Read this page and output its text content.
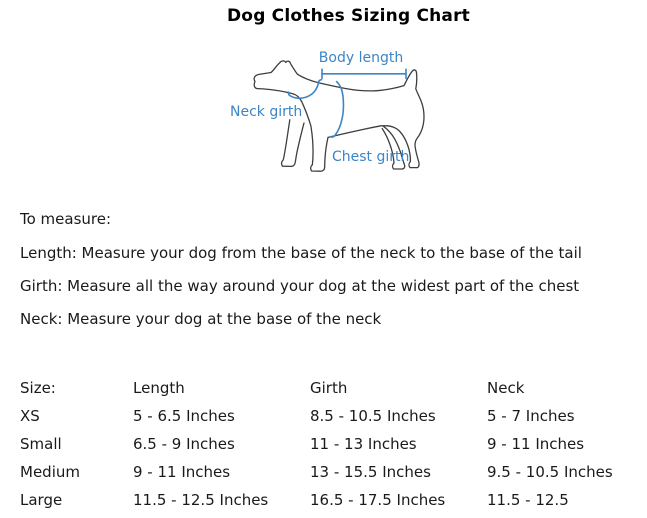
Dog Clothes Sizing Chart
Body length
Neck girth
Chest girth
To measure:
Length: Measure your dog from the base of the neck to the base of the tail
Girth: Measure all the way around your dog at the widest part of the chest
Neck: Measure your dog at the base of the neck
Size:	Length	Girth	Neck
XS	5 - 6.5 Inches	8.5 - 10.5 Inches	5 - 7 Inches
Small	6.5 - 9 Inches	11 - 13 Inches	9 - 11 Inches
Medium	9 - 11 Inches	13 - 15.5 Inches	9.5 - 10.5 Inches
Large	11.5 - 12.5 Inches	16.5 - 17.5 Inches	11.5 - 12.5
